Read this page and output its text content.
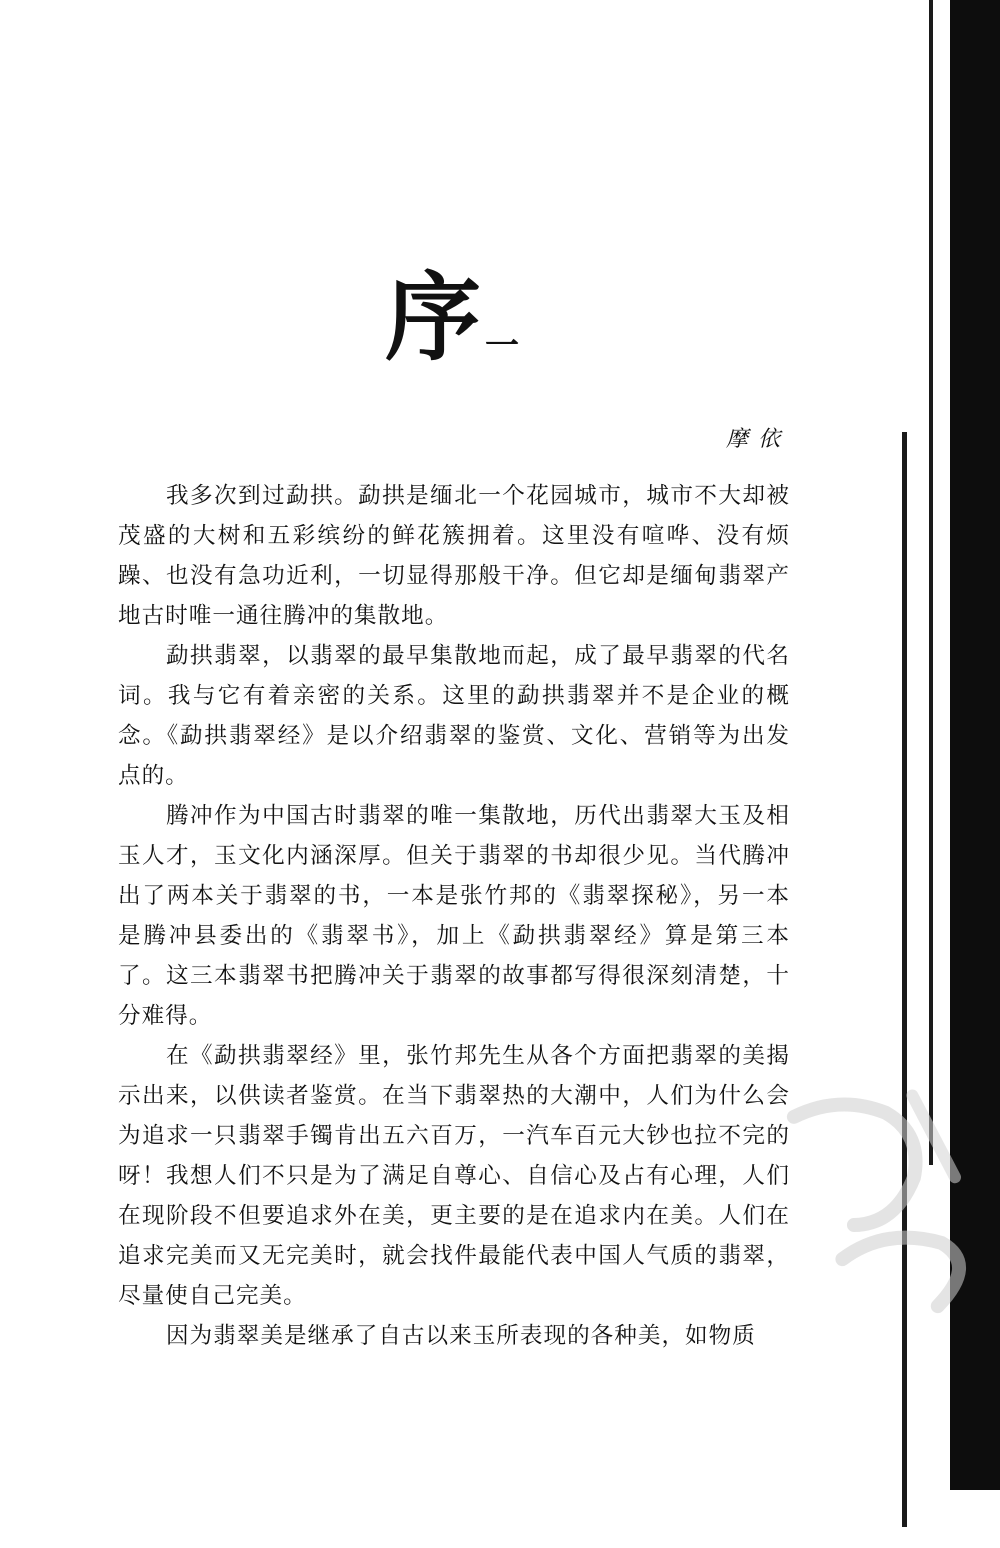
序 一
摩依

我多次到过勐拱。勐拱是缅北一个花园城市，城市不大却被茂盛的大树和五彩缤纷的鲜花簇拥着。这里没有喧哗、没有烦躁、也没有急功近利，一切显得那般干净。但它却是缅甸翡翠产地古时唯一通往腾冲的集散地。

勐拱翡翠，以翡翠的最早集散地而起，成了最早翡翠的代名词。我与它有着亲密的关系。这里的勐拱翡翠并不是企业的概念。《勐拱翡翠经》是以介绍翡翠的鉴赏、文化、营销等为出发点的。

腾冲作为中国古时翡翠的唯一集散地，历代出翡翠大玉及相玉人才，玉文化内涵深厚。但关于翡翠的书却很少见。当代腾冲出了两本关于翡翠的书，一本是张竹邦的《翡翠探秘》，另一本是腾冲县委出的《翡翠书》，加上《勐拱翡翠经》算是第三本了。这三本翡翠书把腾冲关于翡翠的故事都写得很深刻清楚，十分难得。

在《勐拱翡翠经》里，张竹邦先生从各个方面把翡翠的美揭示出来，以供读者鉴赏。在当下翡翠热的大潮中，人们为什么会为追求一只翡翠手镯肯出五六百万，一汽车百元大钞也拉不完的呀！我想人们不只是为了满足自尊心、自信心及占有心理，人们在现阶段不但要追求外在美，更主要的是在追求内在美。人们在追求完美而又无完美时，就会找件最能代表中国人气质的翡翠，尽量使自己完美。

因为翡翠美是继承了自古以来玉所表现的各种美，如物质
